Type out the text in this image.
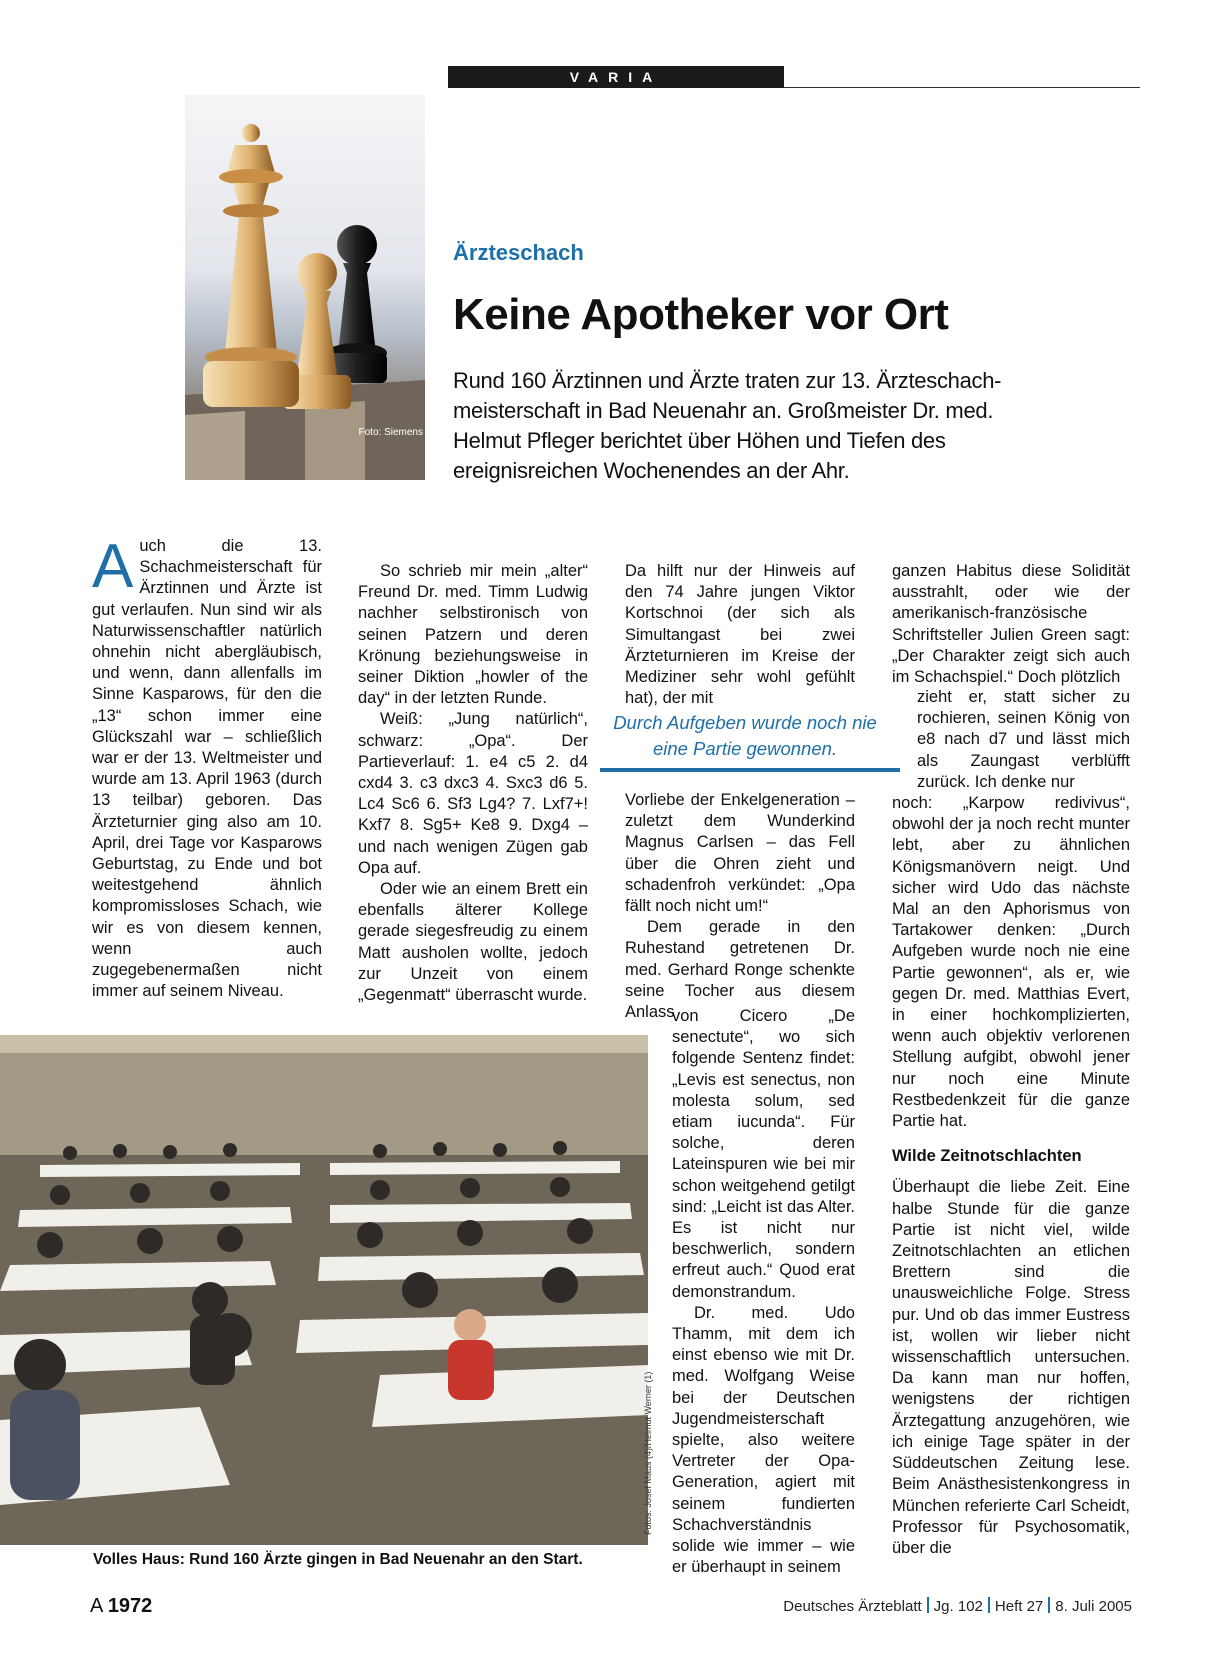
VARIA
Foto: Siemens
Ärzteschach
Keine Apotheker vor Ort

Rund 160 Ärztinnen und Ärzte traten zur 13. Ärzteschach-meisterschaft in Bad Neuenahr an. Großmeister Dr. med. Helmut Pfleger berichtet über Höhen und Tiefen des ereignisreichen Wochenendes an der Ahr.

A uch die 13. Schachmeisterschaft für Ärztinnen und Ärzte ist gut verlaufen. Nun sind wir als Naturwissenschaftler natürlich ohnehin nicht abergläubisch, und wenn, dann allenfalls im Sinne Kasparows, für den die „13“ schon immer eine Glückszahl war – schließlich war er der 13. Weltmeister und wurde am 13. April 1963 (durch 13 teilbar) geboren. Das Ärzteturnier ging also am 10. April, drei Tage vor Kasparows Geburtstag, zu Ende und bot weitestgehend ähnlich kompromissloses Schach, wie wir es von diesem kennen, wenn auch zugegebenermaßen nicht immer auf seinem Niveau.

So schrieb mir mein „alter“ Freund Dr. med. Timm Ludwig nachher selbstironisch von seinen Patzern und deren Krönung beziehungsweise in seiner Diktion „howler of the day“ in der letzten Runde.

Weiß: „Jung natürlich“, schwarz: „Opa“. Der Partieverlauf: 1. e4 c5 2. d4 cxd4 3. c3 dxc3 4. Sxc3 d6 5. Lc4 Sc6 6. Sf3 Lg4? 7. Lxf7+! Kxf7 8. Sg5+ Ke8 9. Dxg4 – und nach wenigen Zügen gab Opa auf.

Oder wie an einem Brett ein ebenfalls älterer Kollege gerade siegesfreudig zu einem Matt ausholen wollte, jedoch zur Unzeit von einem „Gegenmatt“ überrascht wurde.

Da hilft nur der Hinweis auf den 74 Jahre jungen Viktor Kortschnoi (der sich als Simultangast bei zwei Ärzteturnieren im Kreise der Mediziner sehr wohl gefühlt hat), der mit

Durch Aufgeben wurde noch nie eine Partie gewonnen.

Vorliebe der Enkelgeneration – zuletzt dem Wunderkind Magnus Carlsen – das Fell über die Ohren zieht und schadenfroh verkündet: „Opa fällt noch nicht um!“

Dem gerade in den Ruhestand getretenen Dr. med. Gerhard Ronge schenkte seine Tocher aus diesem Anlass

von Cicero „De senectute“, wo sich folgende Sentenz findet: „Levis est senectus, non molesta solum, sed etiam iucunda“. Für solche, deren Lateinspuren wie bei mir schon weitgehend getilgt sind: „Leicht ist das Alter. Es ist nicht nur beschwerlich, sondern erfreut auch.“ Quod erat demonstrandum.

Dr. med. Udo Thamm, mit dem ich einst ebenso wie mit Dr. med. Wolfgang Weise bei der Deutschen Jugendmeisterschaft spielte, also weitere Vertreter der Opa-Generation, agiert mit seinem fundierten Schachverständnis solide wie immer – wie er überhaupt in seinem

ganzen Habitus diese Solidität ausstrahlt, oder wie der amerikanisch-französische Schriftsteller Julien Green sagt: „Der Charakter zeigt sich auch im Schachspiel.“ Doch plötzlich

zieht er, statt sicher zu rochieren, seinen König von e8 nach d7 und lässt mich als Zaungast verblüfft zurück. Ich denke nur

noch: „Karpow redivivus“, obwohl der ja noch recht munter lebt, aber zu ähnlichen Königsmanövern neigt. Und sicher wird Udo das nächste Mal an den Aphorismus von Tartakower denken: „Durch Aufgeben wurde noch nie eine Partie gewonnen“, als er, wie gegen Dr. med. Matthias Evert, in einer hochkomplizierten, wenn auch objektiv verlorenen Stellung aufgibt, obwohl jener nur noch eine Minute Restbedenkzeit für die ganze Partie hat.

Wilde Zeitnotschlachten

Überhaupt die liebe Zeit. Eine halbe Stunde für die ganze Partie ist nicht viel, wilde Zeitnotschlachten an etlichen Brettern sind die unausweichliche Folge. Stress pur. Und ob das immer Eustress ist, wollen wir lieber nicht wissenschaftlich untersuchen. Da kann man nur hoffen, wenigstens der richtigen Ärztegattung anzugehören, wie ich einige Tage später in der Süddeutschen Zeitung lese. Beim Anästhesistenkongress in München referierte Carl Scheidt, Professor für Psychosomatik, über die

Fotos: Josef Maus (4)/Helmut Werner (1)
Volles Haus: Rund 160 Ärzte gingen in Bad Neuenahr an den Start.
A 1972	Deutsches Ärzteblatt Jg. 102 Heft 27 8. Juli 2005
